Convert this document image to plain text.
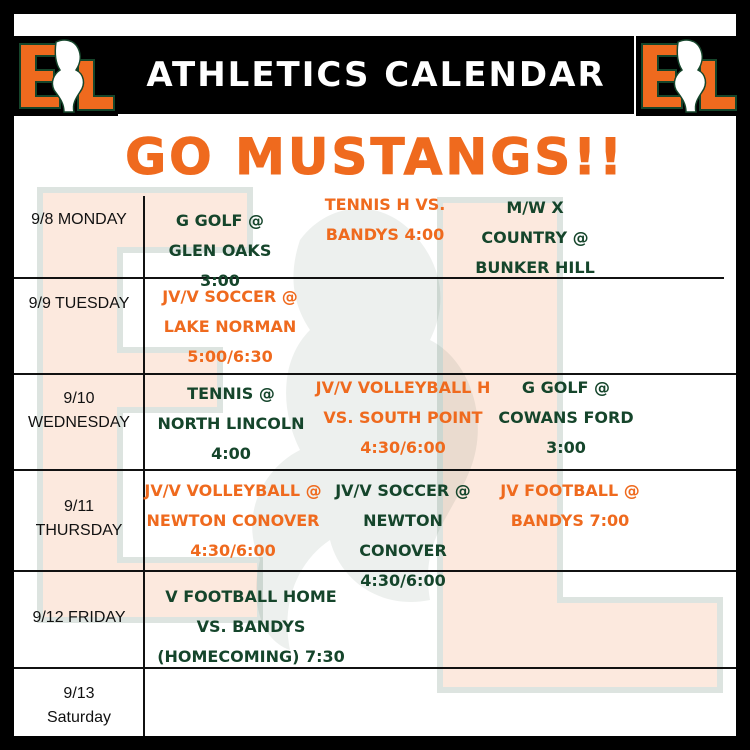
ATHLETICS CALENDAR
GO MUSTANGS!!
9/8 MONDAY
9/9 TUESDAY
9/10 WEDNESDAY
9/11 THURSDAY
9/12 FRIDAY
9/13 Saturday
G GOLF @ GLEN OAKS 3:00
TENNIS H VS. BANDYS 4:00
M/W X COUNTRY @ BUNKER HILL
JV/V SOCCER @ LAKE NORMAN 5:00/6:30
TENNIS @ NORTH LINCOLN 4:00
JV/V VOLLEYBALL H VS. SOUTH POINT 4:30/6:00
G GOLF @ COWANS FORD 3:00
JV/V VOLLEYBALL @ NEWTON CONOVER 4:30/6:00
JV/V SOCCER @ NEWTON CONOVER 4:30/6:00
JV FOOTBALL @ BANDYS 7:00
V FOOTBALL HOME VS. BANDYS (HOMECOMING) 7:30
